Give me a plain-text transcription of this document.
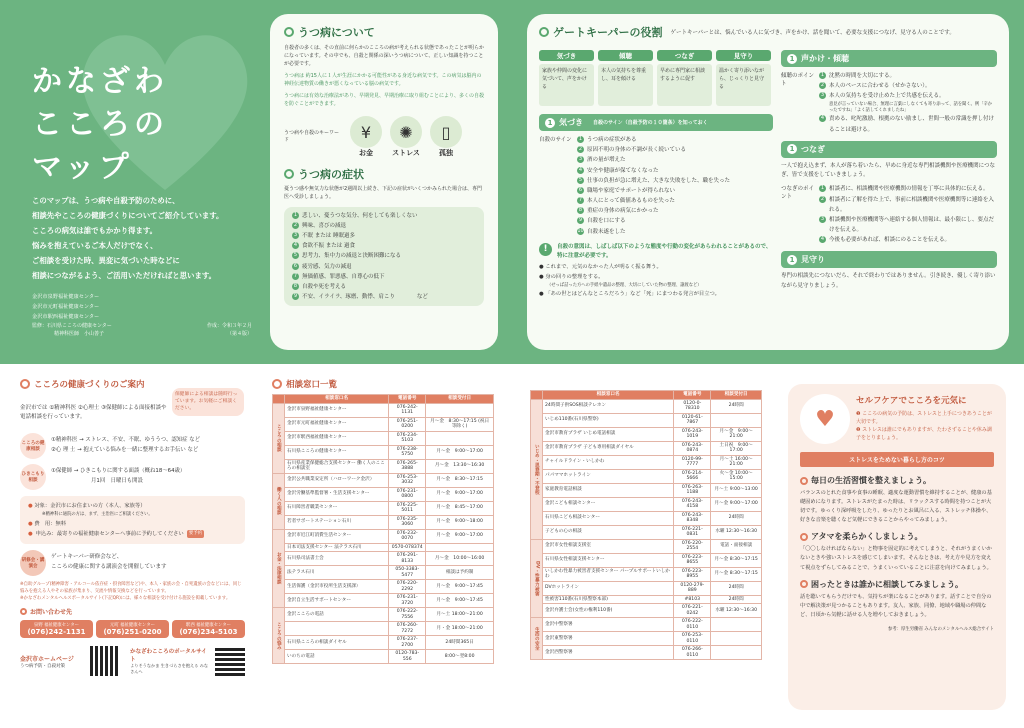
かなざわ
こころの
マップ
このマップは、うつ病や自殺予防のために、
相談先やこころの健康づくりについてご紹介しています。
こころの病気は誰でもかかり得ます。
悩みを抱えているご本人だけでなく、
ご相談を受けた時、異変に気づいた時などに
相談につながるよう、ご活用いただければと思います。
金沢市泉野福祉健康センター
金沢市元町福祉健康センター
金沢市駅西福祉健康センター
監修：石川県こころの健康センター	作成：令和３年２月
精神科医師　小山善子	（第４版）
うつ病について
自殺者の多くは、その直前に何らかのこころの病が考えられる状態であったことが明らかになっています。その中でも、自殺と関係の深いうつ病について、正しい知識を持つことが必要です。
うつ病は 約15人に１人が生涯にかかる可能性がある身近な病気です。この病気は脳内の神経伝達物質の働きが悪くなっている脳の病気です。
うつ病には有効な治療法があり、早期発見、早期治療に取り組むことにより、多くの自殺を防ぐことができます。
うつ病や自殺のキーワード	¥
お金
✺
ストレス
▯
孤独
うつ病の症状
憂うつ感や無気力な状態が2週間以上続き、下記の症状がいくつかみられた場合は、専門医へ受診しましょう。
1 悲しい、憂うつな気分、何をしても楽しくない
2 興味、喜びの減退
3 不眠 または 睡眠過多
4 食欲不振 または 過食
5 思考力、集中力の減退と決断困難になる
6 疲労感、気力の減退
7 無価値感、罪悪感、自尊心の低下
8 自殺や死を考える
9 不安、イライラ、琢磨、動悸、肩こり　　　　など
ゲートキーパーの役割 ゲートキーパーとは、悩んでいる人に気づき、声をかけ、話を聞いて、必要な支援につなげ、見守る人のことです。
気づき
家族や仲間の変化に気づいて、声をかける
傾聴
本人の気持ちを尊重し、耳を傾ける
つなぎ
早めに専門家に相談するように促す
見守り
温かく寄り添いながら、じっくりと見守る
1 気づき 自殺のサイン（自殺予防の１０箇条）を知っておく
自殺のサイン	1 うつ病の症状がある
2 原因不明の身体の不調が長く続いている
3 酒の量が増えた
4 安全や健康が保てなくなった
5 仕事の負担が急に増えた、大きな失敗をした、職を失った
6 職場や家庭でサポートが得られない
7 本人にとって価値あるものを失った
8 重症の身体の病気にかかった
9 自殺を口にする
10 自殺未遂をした
!	自殺の意図は、しばしば以下のような態度や行動の変化があらわれることがあるので、特に注意が必要です。
● これまで、元気のなかった人が明るく振る舞う。
● 身の回りの整理をする。
（せっぱ詰った方への手紙や遺品の整理、大切にしていた物の整理、譲渡など）
● 「あの世とはどんなところだろう」など「死」にまつわる発言が目立つ。
1 声かけ・傾聴
傾聴のポイント
1 沈黙の時間を大切にする。
2 本人のペースに合わせる（せかさない）。
3 本人の気持ちを受け止めた上で共感を伝える。
意見が言っていない場合、無理に言葉にしなくても寄り添って、話を聞く。例「辛かったですね」「よく話してくれましたね」
4 責める、叱咤激励、根拠のない励まし、世間一般の常識を押し付けることは避ける。
1 つなぎ
一人で抱え込まず、本人が落ち着いたら、早めに身近な専門相談機関や医療機関につなぎ、皆で支援をしていきましょう。
つなぎのポイント
1 相談者に、相談機関や医療機関の情報を丁寧に具体的に伝える。
2 相談者に了解を得た上で、事前に相談機関や医療機関等に連絡を入れる。
3 相談機関や医療機関等へ連絡する個人情報は、最小限にし、要点だけを伝える。
4 今後も必要があれば、相談にのることを伝える。
1 見守り
専門の相談先につないだら、それで終わりではありません。引き続き、優しく寄り添いながら見守りましょう。
こころの健康づくりのご案内
保健師による相談は随時行っています。お気軽にご相談ください。
金沢市では ①精神科医 ②心理士 ③保健師による面接相談や電話相談を行っています。
こころの健康相談
①精神科医 → ストレス、不安、不眠、ゆううつ、認知症 など
②心 理 士 → 抱えている悩みを一緒に整理するお手伝い など
ひきこもり相談
①保健師 → ひきこもりに関する面談（概ね18～64歳）
月1回　日曜日も開設
● 対象：金沢市にお住まいの方（本人、家族等）
※精神科に通院の方は、まず、主治医にご相談ください。
● 費　用：無料
● 申込み：最寄りの福祉健康センターへ事前に予約してください	要予約
研修会・講演会
ゲートキーパー研修会など、
こころの健康に関する講演会を開催しています
※自助グループ(精神障害・アルコール依存症・摂食障害など)や、本人・家族の会・自死遺族の会などには、同じ悩みを抱える人やその家族が集まり、交流や情報交換などを行っています。
※かなざわメンタルヘルスポータルサイト(下記QR)には、様々な相談を受け付ける施設を掲載しています。
お問い合わせ先
泉野 福祉健康センター
(076)242-1131
元町 福祉健康センター
(076)251-0200
駅西 福祉健康センター
(076)234-5103
金沢市ホームページ
うつ病予防・自殺対策
かなざわこころのポータルサイト
よりそうなかま 生きづらさを抱える みなさんへ
相談窓口一覧
	相談窓口名	電話番号	相談受付日
こころの相談	金沢市泉野福祉健康センター	076-242-1131	
	金沢市元町福祉健康センター	076-251-0200	月～金　8:30～17:15 (祝日等除く)
	金沢市駅西福祉健康センター	076-234-5103	
	石川県こころの健康センター	076-238-5750	月～金　9:00～17:00
	石川県産業保健総合支援センター 働く人のこころの相談室	076-265-3888	月～金　13:30～16:30
働く人の相談	金沢公共職業安定所（ハローワーク金沢）	076-253-3032	月～金　8:30～17:15
	金沢労働基準監督署・生活支援センター	076-231-0800	月～金　9:00～17:00
	石川障害者職業センター	076-225-5011	月～金　8:45～17:00
	若者サポートステーション石川	076-235-3060	月～金　9:00～18:00
お金・法律相談	金沢市近江町消費生活センター	076-232-0070	月～金　9:00～17:00
	日本司法支援センター 法テラス石川	0570-078374	
	石川県司法書士会	076-291-8133	月～金　10:00～16:00
	法テラス石川	050-3383-5477	相談は予約制
	生活保護（金沢市役所生活支援課）	076-220-2292	月～金　9:00～17:45
	金沢自立生活サポートセンター	076-231-3720	月～金　9:00～17:45
こころの悩み	金沢こころの電話	076-222-7556	月～土 18:00～21:00
		076-260-7272	月・金 18:00～21:00
	石川県こころの相談ダイヤル	076-237-2700	24時間365日
	いのちの電話	0120-783-556	8:00～翌8:00
	相談窓口名	電話番号	相談受付日
いじめ・思春期・不登校	24時間子供SOS相談テレホン	0120-0-78310	24時間
	いじめ110番(石川県警察)	0120-61-7867	
	金沢市教育プラザ いじめ電話相談	076-243-1019	月～金　9:00～21:00
	金沢市教育プラザ 子ども専用相談ダイヤル	076-243-0874	土日祝　9:00～17:00
	チャイルドライン・いしかわ	0120-99-7777	月～土 16:00～21:00
	パパママホットライン	076-214-5666	火～金 10:00～15:00
	家庭教育電話相談	076-263-1188	月～土 9:00～13:00
	金沢こども相談センター	076-243-4158	月～金 9:00～17:00
	石川県こども相談センター	076-243-8348	24時間
	子どもの心の相談	076-221-0831	水曜 12:30～16:30
DV・性暴力被害	金沢市女性相談支援室	076-220-2554	電話・面接相談
	石川県女性相談支援センター	076-223-8655	月～金 8:30～17:15
	いしかわ性暴力被害者支援センター パープルサポートいしかわ	076-223-8955	月～金 8:30～17:15
	DVホットライン	0120-279-889	24時間
	性被害110番(石川県警察本部)	#8103	24時間
	金沢弁護士会(女性の権利110番)	076-221-0242	水曜 12:30～16:30
生活の安全	金沢中警察署	076-222-0110	
	金沢東警察署	076-253-0110	
	金沢西警察署	076-266-0110	
♥
セルフケアでこころを元気に
❶ こころの病気の予防は、ストレスと上手につきあうことが大切です。
❷ ストレスは誰にでもありますが、たわさずることや休み調子をとりましょう。
ストレスをためない暮らし方のコツ
毎日の生活習慣を整えましょう。
バランスのとれた食事や食事の睡眠、適度な運動習慣を維持することが、健康の基礎固めになります。ストレスがたまった時は、リラックスする時間を持つことが大切です。ゆっくり深呼吸をしたり、ゆったりとお風呂に入る、ストレッチ体操や、好きな音楽を聴くなど気軽にできることからやってみましょう。
アタマを柔らかくしましょう。
「〇〇しなければならない」と物事を固定的に考えてしまうと、それがうまくいかないときや強いストレスを感じてしまいます。そんなときは、考え方や見方を変えて視点をずらしてみることで、うまくいっていることに注意を向けてみましょう。
困ったときは誰かに相談してみましょう。
話を聴いてもらうだけでも、気持ちが楽になることがあります。話すことで自分の中で解決策が見つかることもあります。友人、家族、同僚、地域や職場の仲間など、日頃から気軽に話せる人を増やしておきましょう。
参考：厚生労働省 みんなのメンタルヘルス総合サイト
